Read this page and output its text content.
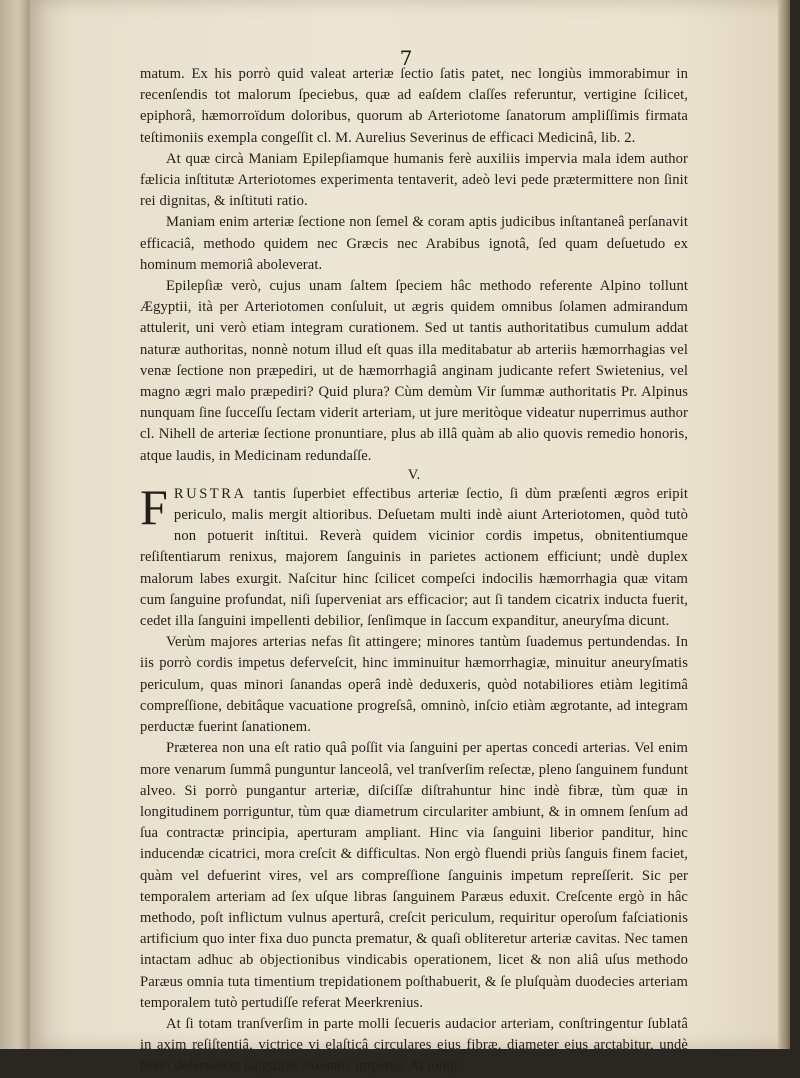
7

matum. Ex his porrò quid valeat arteriæ ſectio ſatis patet, nec longiùs immorabimur in recenſendis tot malorum ſpeciebus, quæ ad eaſdem claſſes referuntur, vertigine ſcilicet, epiphorâ, hæmorroïdum doloribus, quorum ab Arteriotome ſanatorum ampliſſimis firmata teſtimoniis exempla congeſſit cl. M. Aurelius Severinus de efficaci Medicinâ, lib. 2.

At quæ circà Maniam Epilepſiamque humanis ferè auxiliis impervia mala idem author fælicia inſtitutæ Arteriotomes experimenta tentaverit, adeò levi pede prætermittere non ſinit rei dignitas, & inſtituti ratio.

Maniam enim arteriæ ſectione non ſemel & coram aptis judicibus inſtantaneâ perſanavit efficaciâ, methodo quidem nec Græcis nec Arabibus ignotâ, ſed quam deſuetudo ex hominum memoriâ aboleverat.

Epilepſiæ verò, cujus unam ſaltem ſpeciem hâc methodo referente Alpino tollunt Ægyptii, ità per Arteriotomen conſuluit, ut ægris quidem omnibus ſolamen admirandum attulerit, uni verò etiam integram curationem. Sed ut tantis authoritatibus cumulum addat naturæ authoritas, nonnè notum illud eſt quas illa meditabatur ab arteriis hæmorrhagias vel venæ ſectione non præpediri, ut de hæmorrhagiâ anginam judicante refert Swietenius, vel magno ægri malo præpediri? Quid plura? Cùm demùm Vir ſummæ authoritatis Pr. Alpinus nunquam ſine ſucceſſu ſectam viderit arteriam, ut jure meritòque videatur nuperrimus author cl. Nihell de arteriæ ſectione pronuntiare, plus ab illâ quàm ab alio quovis remedio honoris, atque laudis, in Medicinam redundaſſe.

V.

FRUSTRA tantis ſuperbiet effectibus arteriæ ſectio, ſi dùm præſenti ægros eripit periculo, malis mergit altioribus. Deſuetam multi indè aiunt Arteriotomen, quòd tutò non potuerit inſtitui. Reverà quidem vicinior cordis impetus, obnitentiumque reſiſtentiarum renixus, majorem ſanguinis in parietes actionem efficiunt; undè duplex malorum labes exurgit. Naſcitur hinc ſcilicet compeſci indocilis hæmorrhagia quæ vitam cum ſanguine profundat, niſi ſuperveniat ars efficacior; aut ſi tandem cicatrix inducta fuerit, cedet illa ſanguini impellenti debilior, ſenſimque in ſaccum expanditur, aneuryſma dicunt.

Verùm majores arterias nefas ſit attingere; minores tantùm ſuademus pertundendas. In iis porrò cordis impetus deferveſcit, hinc imminuitur hæmorrhagiæ, minuitur aneuryſmatis periculum, quas minori ſanandas operâ indè deduxeris, quòd notabiliores etiàm legitimâ compreſſione, debitâque vacuatione progreſsâ, omninò, inſcio etiàm ægrotante, ad integram perductæ fuerint ſanationem.

Præterea non una eſt ratio quâ poſſit via ſanguini per apertas concedi arterias. Vel enim more venarum ſummâ punguntur lanceolâ, vel tranſverſim reſectæ, pleno ſanguinem fundunt alveo. Si porrò pungantur arteriæ, diſciſſæ diſtrahuntur hinc indè fibræ, tùm quæ in longitudinem porriguntur, tùm quæ diametrum circulariter ambiunt, & in omnem ſenſum ad ſua contractæ principia, aperturam ampliant. Hinc via ſanguini liberior panditur, hinc inducendæ cicatrici, mora creſcit & difficultas. Non ergò fluendi priùs ſanguis finem faciet, quàm vel defuerint vires, vel ars compreſſione ſanguinis impetum repreſſerit. Sic per temporalem arteriam ad ſex uſque libras ſanguinem Paræus eduxit. Creſcente ergò in hâc methodo, poſt inflictum vulnus aperturâ, creſcit periculum, requiritur operoſum faſciationis artificium quo inter fixa duo puncta prematur, & quaſi obliteretur arteriæ cavitas. Nec tamen intactam adhuc ab objectionibus vindicabis operationem, licet & non aliâ uſus methodo Paræus omnia tuta timentium trepidationem poſthabuerit, & ſe pluſquàm duodecies arteriam temporalem tutò pertudiſſe referat Meerkrenius.

At ſi totam tranſverſim in parte molli ſecueris audacior arteriam, conſtringentur ſublatâ in axim reſiſtentiâ, victrice vi elaſticâ circulares ejus fibræ, diameter ejus arctabitur, undè brevi deferveſcet ſanguinis exeuntis impetus. At longi-
